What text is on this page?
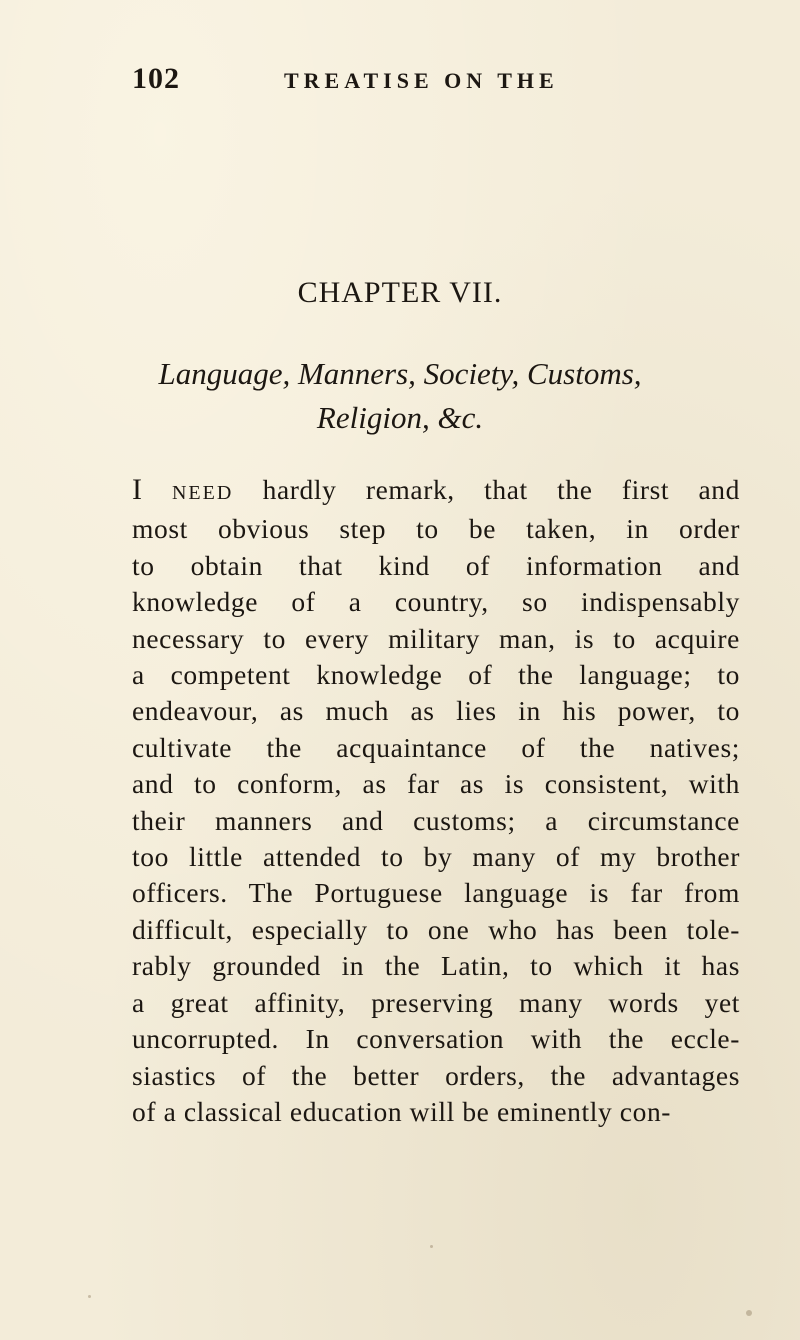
102	TREATISE ON THE
CHAPTER VII.
Language, Manners, Society, Customs,
Religion, &c.
I NEED hardly remark, that the first and
most obvious step to be taken, in order
to obtain that kind of information and
knowledge of a country, so indispensably
necessary to every military man, is to acquire
a competent knowledge of the language; to
endeavour, as much as lies in his power, to
cultivate the acquaintance of the natives;
and to conform, as far as is consistent, with
their manners and customs; a circumstance
too little attended to by many of my brother
officers. The Portuguese language is far from
difficult, especially to one who has been tole-
rably grounded in the Latin, to which it has
a great affinity, preserving many words yet
uncorrupted. In conversation with the eccle-
siastics of the better orders, the advantages
of a classical education will be eminently con-
